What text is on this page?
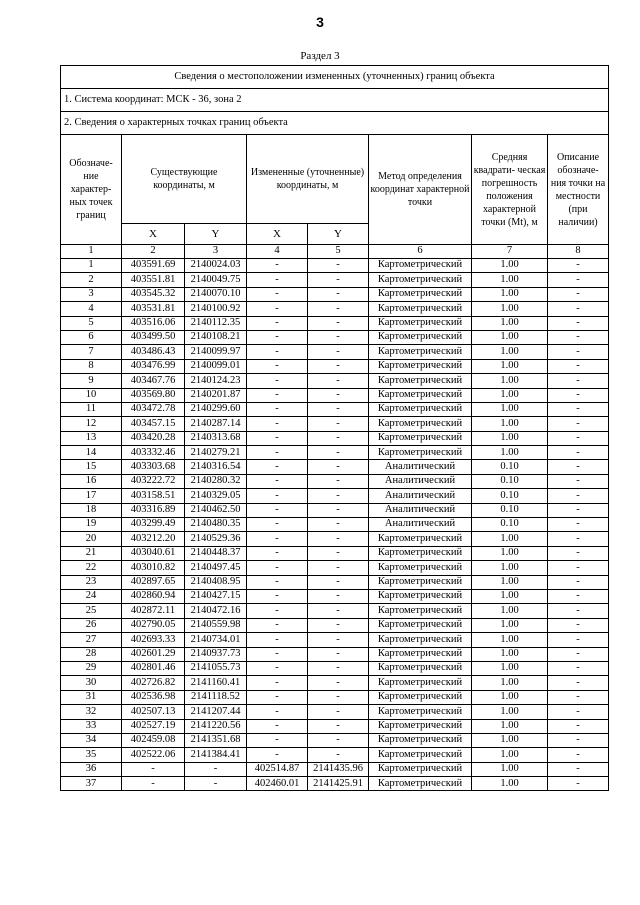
3
Раздел 3
Сведения о местоположении измененных (уточненных) границ объекта							
1. Система координат: МСК - 36, зона 2							
2. Сведения о характерных точках границ объекта							
Обозначе- ние характер- ных точек границ	Существующие координаты, м		Измененные (уточненные) координаты, м		Метод определения координат характерной точки	Средняя квадрати- ческая погрешность положения характерной точки (Mt), м	Описание обозначе- ния точки на местности (при наличии)
	X	Y	X	Y			
1	2	3	4	5	6	7	8
1	403591.69	2140024.03	-	-	Картометрический	1.00	-
2	403551.81	2140049.75	-	-	Картометрический	1.00	-
3	403545.32	2140070.10	-	-	Картометрический	1.00	-
4	403531.81	2140100.92	-	-	Картометрический	1.00	-
5	403516.06	2140112.35	-	-	Картометрический	1.00	-
6	403499.50	2140108.21	-	-	Картометрический	1.00	-
7	403486.43	2140099.97	-	-	Картометрический	1.00	-
8	403476.99	2140099.01	-	-	Картометрический	1.00	-
9	403467.76	2140124.23	-	-	Картометрический	1.00	-
10	403569.80	2140201.87	-	-	Картометрический	1.00	-
11	403472.78	2140299.60	-	-	Картометрический	1.00	-
12	403457.15	2140287.14	-	-	Картометрический	1.00	-
13	403420.28	2140313.68	-	-	Картометрический	1.00	-
14	403332.46	2140279.21	-	-	Картометрический	1.00	-
15	403303.68	2140316.54	-	-	Аналитический	0.10	-
16	403222.72	2140280.32	-	-	Аналитический	0.10	-
17	403158.51	2140329.05	-	-	Аналитический	0.10	-
18	403316.89	2140462.50	-	-	Аналитический	0.10	-
19	403299.49	2140480.35	-	-	Аналитический	0.10	-
20	403212.20	2140529.36	-	-	Картометрический	1.00	-
21	403040.61	2140448.37	-	-	Картометрический	1.00	-
22	403010.82	2140497.45	-	-	Картометрический	1.00	-
23	402897.65	2140408.95	-	-	Картометрический	1.00	-
24	402860.94	2140427.15	-	-	Картометрический	1.00	-
25	402872.11	2140472.16	-	-	Картометрический	1.00	-
26	402790.05	2140559.98	-	-	Картометрический	1.00	-
27	402693.33	2140734.01	-	-	Картометрический	1.00	-
28	402601.29	2140937.73	-	-	Картометрический	1.00	-
29	402801.46	2141055.73	-	-	Картометрический	1.00	-
30	402726.82	2141160.41	-	-	Картометрический	1.00	-
31	402536.98	2141118.52	-	-	Картометрический	1.00	-
32	402507.13	2141207.44	-	-	Картометрический	1.00	-
33	402527.19	2141220.56	-	-	Картометрический	1.00	-
34	402459.08	2141351.68	-	-	Картометрический	1.00	-
35	402522.06	2141384.41	-	-	Картометрический	1.00	-
36	-	-	402514.87	2141435.96	Картометрический	1.00	-
37	-	-	402460.01	2141425.91	Картометрический	1.00	-
